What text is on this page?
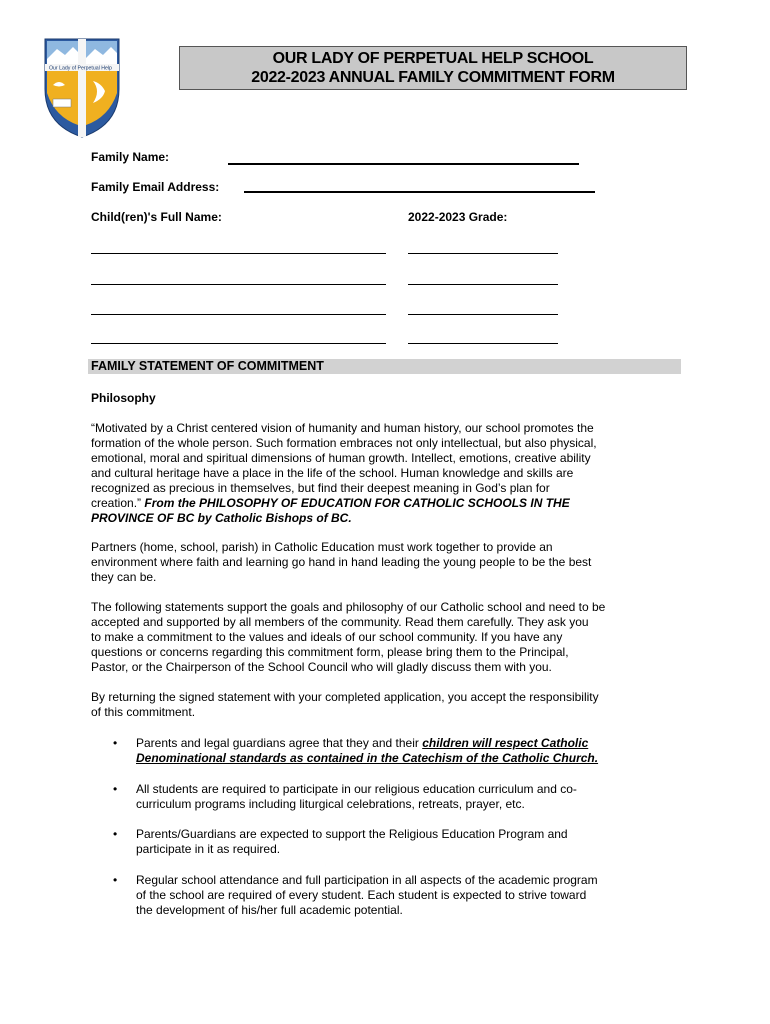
Our Lady of Perpetual Help
OUR LADY OF PERPETUAL HELP SCHOOL
2022-2023 ANNUAL FAMILY COMMITMENT FORM
Family Name:
Family Email Address:
Child(ren)'s Full Name:	2022-2023 Grade:
FAMILY STATEMENT OF COMMITMENT
Philosophy
“Motivated by a Christ centered vision of humanity and human history, our school promotes the
formation of the whole person. Such formation embraces not only intellectual, but also physical,
emotional, moral and spiritual dimensions of human growth. Intellect, emotions, creative ability
and cultural heritage have a place in the life of the school. Human knowledge and skills are
recognized as precious in themselves, but find their deepest meaning in God’s plan for
creation.” From the PHILOSOPHY OF EDUCATION FOR CATHOLIC SCHOOLS IN THE
PROVINCE OF BC by Catholic Bishops of BC.
Partners (home, school, parish) in Catholic Education must work together to provide an
environment where faith and learning go hand in hand leading the young people to be the best
they can be.
The following statements support the goals and philosophy of our Catholic school and need to be
accepted and supported by all members of the community. Read them carefully. They ask you
to make a commitment to the values and ideals of our school community. If you have any
questions or concerns regarding this commitment form, please bring them to the Principal,
Pastor, or the Chairperson of the School Council who will gladly discuss them with you.
By returning the signed statement with your completed application, you accept the responsibility
of this commitment.
• Parents and legal guardians agree that they and their children will respect Catholic
Denominational standards as contained in the Catechism of the Catholic Church.
• All students are required to participate in our religious education curriculum and co-
curriculum programs including liturgical celebrations, retreats, prayer, etc.
• Parents/Guardians are expected to support the Religious Education Program and
participate in it as required.
• Regular school attendance and full participation in all aspects of the academic program
of the school are required of every student. Each student is expected to strive toward
the development of his/her full academic potential.
